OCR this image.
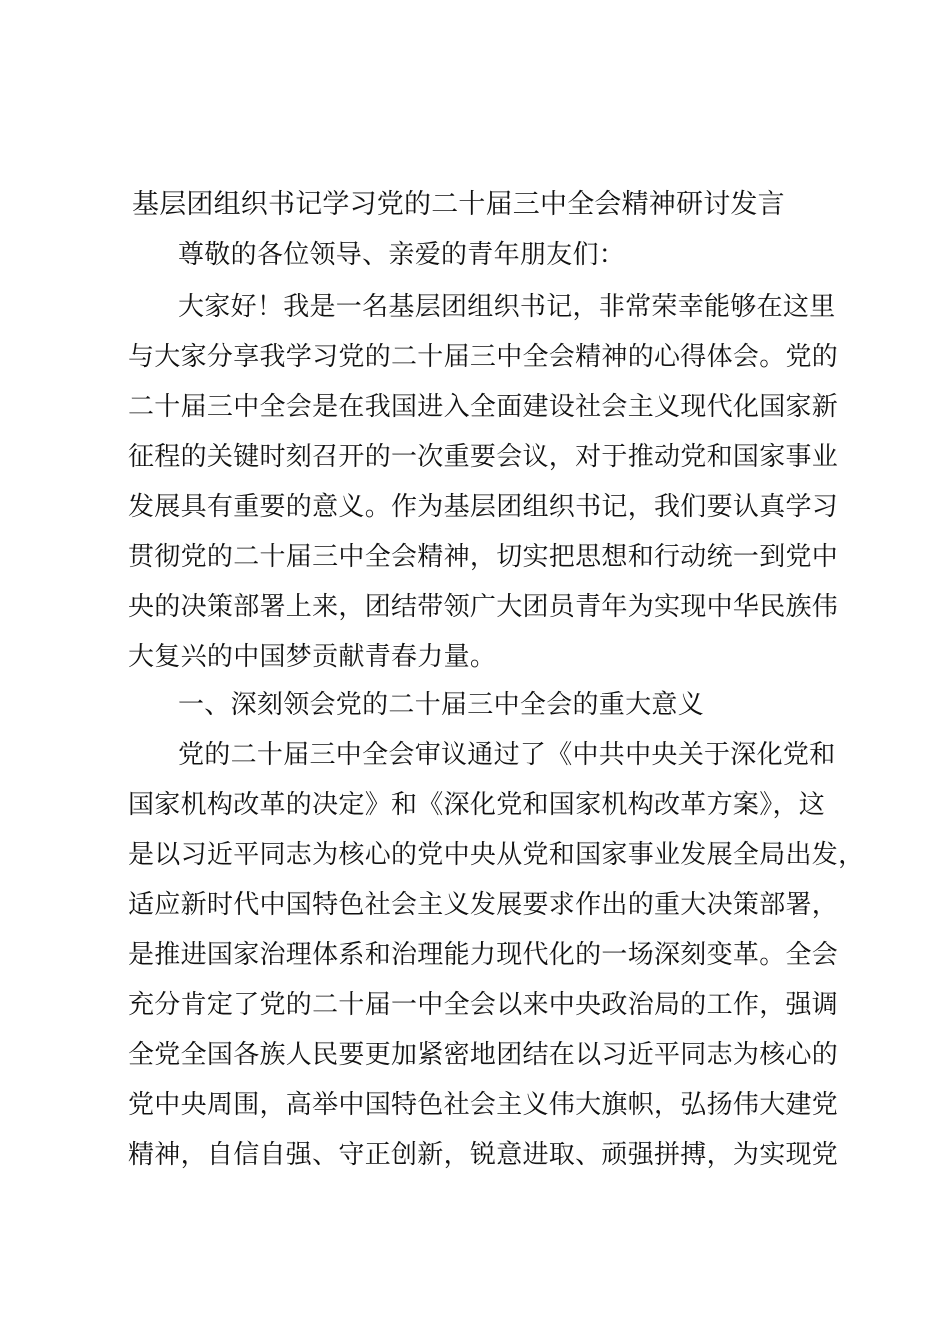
基层团组织书记学习党的二十届三中全会精神研讨发言
尊敬的各位领导、亲爱的青年朋友们：
大家好！我是一名基层团组织书记，非常荣幸能够在这里
与大家分享我学习党的二十届三中全会精神的心得体会。党的
二十届三中全会是在我国进入全面建设社会主义现代化国家新
征程的关键时刻召开的一次重要会议，对于推动党和国家事业
发展具有重要的意义。作为基层团组织书记，我们要认真学习
贯彻党的二十届三中全会精神，切实把思想和行动统一到党中
央的决策部署上来，团结带领广大团员青年为实现中华民族伟
大复兴的中国梦贡献青春力量。
一、深刻领会党的二十届三中全会的重大意义
党的二十届三中全会审议通过了《中共中央关于深化党和
国家机构改革的决定》和《深化党和国家机构改革方案》，这
是以习近平同志为核心的党中央从党和国家事业发展全局出发，
适应新时代中国特色社会主义发展要求作出的重大决策部署，
是推进国家治理体系和治理能力现代化的一场深刻变革。全会
充分肯定了党的二十届一中全会以来中央政治局的工作，强调
全党全国各族人民要更加紧密地团结在以习近平同志为核心的
党中央周围，高举中国特色社会主义伟大旗帜，弘扬伟大建党
精神，自信自强、守正创新，锐意进取、顽强拼搏，为实现党
